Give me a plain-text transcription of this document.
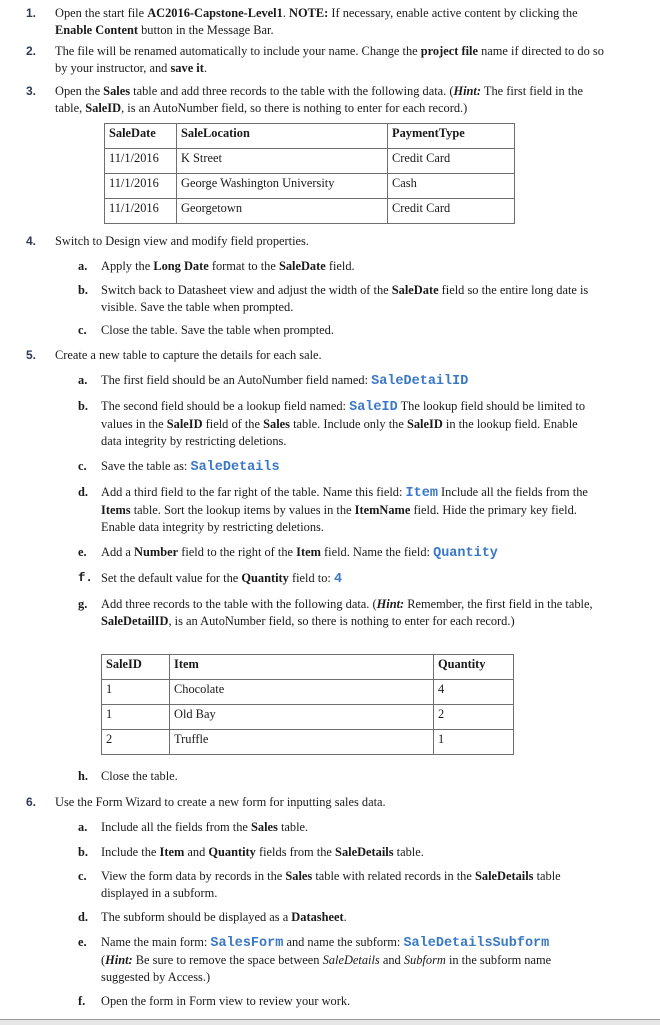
1. Open the start file AC2016-Capstone-Level1. NOTE: If necessary, enable active content by clicking the Enable Content button in the Message Bar.
2. The file will be renamed automatically to include your name. Change the project file name if directed to do so by your instructor, and save it.
3. Open the Sales table and add three records to the table with the following data. (Hint: The first field in the table, SaleID, is an AutoNumber field, so there is nothing to enter for each record.)
SaleDate	SaleLocation	PaymentType
11/1/2016	K Street	Credit Card
11/1/2016	George Washington University	Cash
11/1/2016	Georgetown	Credit Card
4. Switch to Design view and modify field properties.
a. Apply the Long Date format to the SaleDate field.
b. Switch back to Datasheet view and adjust the width of the SaleDate field so the entire long date is visible. Save the table when prompted.
c. Close the table. Save the table when prompted.
5. Create a new table to capture the details for each sale.
a. The first field should be an AutoNumber field named: SaleDetailID
b. The second field should be a lookup field named: SaleID The lookup field should be limited to values in the SaleID field of the Sales table. Include only the SaleID in the lookup field. Enable data integrity by restricting deletions.
c. Save the table as: SaleDetails
d. Add a third field to the far right of the table. Name this field: Item Include all the fields from the Items table. Sort the lookup items by values in the ItemName field. Hide the primary key field. Enable data integrity by restricting deletions.
e. Add a Number field to the right of the Item field. Name the field: Quantity
f. Set the default value for the Quantity field to: 4
g. Add three records to the table with the following data. (Hint: Remember, the first field in the table, SaleDetailID, is an AutoNumber field, so there is nothing to enter for each record.)
SaleID	Item	Quantity
1	Chocolate	4
1	Old Bay	2
2	Truffle	1
h. Close the table.
6. Use the Form Wizard to create a new form for inputting sales data.
a. Include all the fields from the Sales table.
b. Include the Item and Quantity fields from the SaleDetails table.
c. View the form data by records in the Sales table with related records in the SaleDetails table displayed in a subform.
d. The subform should be displayed as a Datasheet.
e. Name the main form: SalesForm and name the subform: SaleDetailsSubform
(Hint: Be sure to remove the space between SaleDetails and Subform in the subform name suggested by Access.)
f. Open the form in Form view to review your work.
